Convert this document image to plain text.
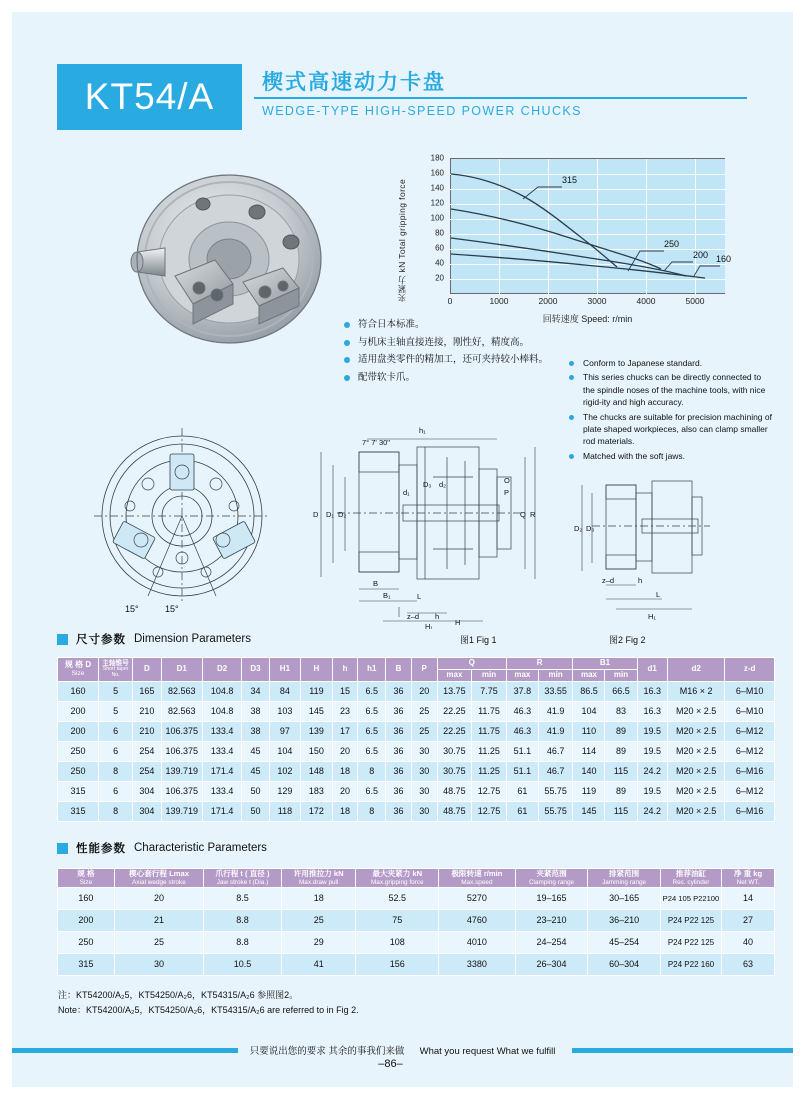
KT54/A	楔式高速动力卡盘
WEDGE-TYPE HIGH-SPEED POWER CHUCKS
夹紧力 kN Total gripping force	315
250
200 160
180
160
140
120
100
80
60
40
20
0	1000	2000	3000	4000	5000
回转速度 Speed: r/min
符合日本标准。
与机床主轴直接连接，刚性好，精度高。
适用盘类零件的精加工，还可夹持较小棒料。
配带软卡爪。
Conform to Japanese standard.
This series chucks can be directly connected to the spindle noses of the machine tools, with nice rigid-ity and high accuracy.
The chucks are suitable for precision machining of plate shaped workpieces, also can clamp smaller rod materials.
Matched with the soft jaws.
15°	15°
D D₁ D₂
B
B₁	L
h₁
7° 7' 30"
Q R
P
O
d₁
D₃ d₂
z–d h
H₁	H
D₂ D₃
z–d	h
L
H₁
尺寸参数 Dimension Parameters	图1 Fig 1	图2 Fig 2
规 格 D
Size	主轴锥号
Short taper No.	D	D1	D2	D3	H1	H	h	h1	B	P	Q		R		B1		d1	d2	z-d
												max	min	max	min	max	min			
160	5	165	82.563	104.8	34	84	119	15	6.5	36	20	13.75	7.75	37.8	33.55	86.5	66.5	16.3	M16 × 2	6–M10
200	5	210	82.563	104.8	38	103	145	23	6.5	36	25	22.25	11.75	46.3	41.9	104	83	16.3	M20 × 2.5	6–M10
200	6	210	106.375	133.4	38	97	139	17	6.5	36	25	22.25	11.75	46.3	41.9	110	89	19.5	M20 × 2.5	6–M12
250	6	254	106.375	133.4	45	104	150	20	6.5	36	30	30.75	11.25	51.1	46.7	114	89	19.5	M20 × 2.5	6–M12
250	8	254	139.719	171.4	45	102	148	18	8	36	30	30.75	11.25	51.1	46.7	140	115	24.2	M20 × 2.5	6–M16
315	6	304	106.375	133.4	50	129	183	20	6.5	36	30	48.75	12.75	61	55.75	119	89	19.5	M20 × 2.5	6–M12
315	8	304	139.719	171.4	50	118	172	18	8	36	30	48.75	12.75	61	55.75	145	115	24.2	M20 × 2.5	6–M16
性能参数 Characteristic Parameters
规 格
Size	楔心套行程 Lmax
Axial wedge stroke	爪行程 t ( 直径 )
Jaw stroke t (Dia.)	许用推拉力 kN
Max.draw pull	最大夹紧力 kN
Max.gripping force	极限转速 r/min
Max.speed	夹紧范围
Clamping range	排紧范围
Jamming range	推荐油缸
Rec. cylinder	净 重 kg
Net WT.

160	20	8.5	18	52.5	5270	19–165	30–165	P24 105 P22100	14
200	21	8.8	25	75	4760	23–210	36–210	P24 P22 125	27
250	25	8.8	29	108	4010	24–254	45–254	P24 P22 125	40
315	30	10.5	41	156	3380	26–304	60–304	P24 P22 160	63
注：KT54200/A₂5，KT54250/A₂6，KT54315/A₂6 参照图2。
Note：KT54200/A₂5，KT54250/A₂6，KT54315/A₂6 are referred to in Fig 2.
只要说出您的要求 其余的事我们来做 What you request What we fulfill
–86–
